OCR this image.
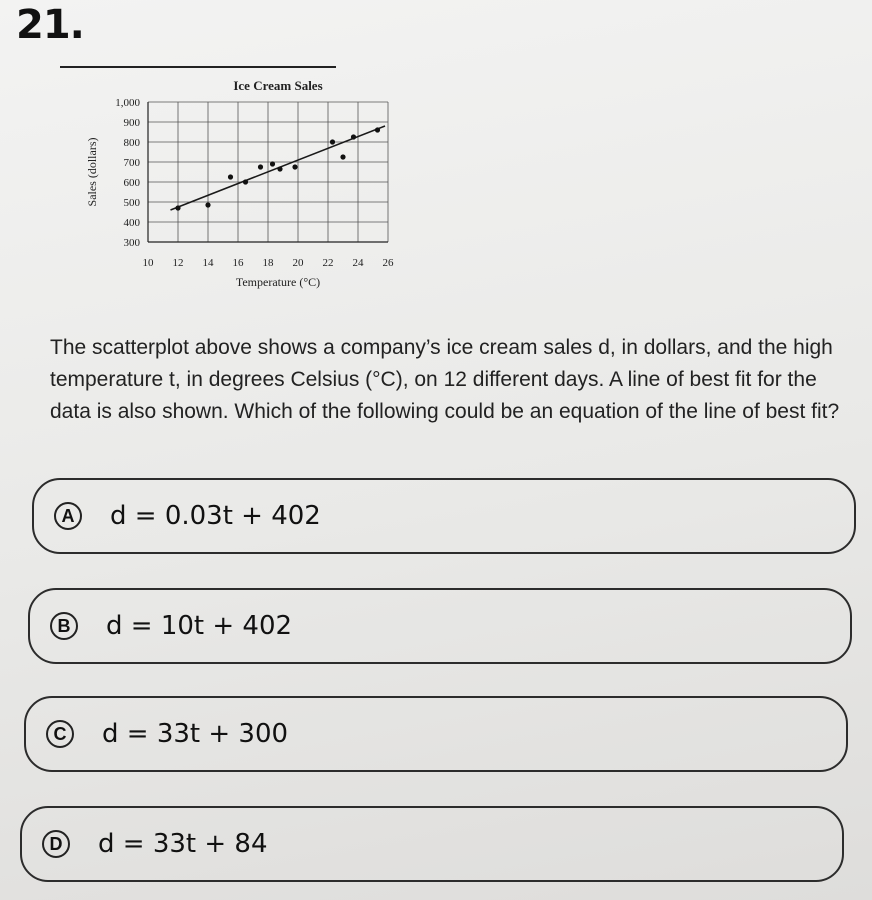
21.
Ice Cream Sales
300
400
500
600
700
800
900
1,000
10 12 14 16 18 20 22 24 26
Temperature (°C)
Sales (dollars)
The scatterplot above shows a company’s ice cream sales d, in dollars, and the high temperature t, in degrees Celsius (°C), on 12 different days. A line of best fit for the data is also shown. Which of the following could be an equation of the line of best fit?
A d = 0.03t + 402
B d = 10t + 402
C d = 33t + 300
D d = 33t + 84
